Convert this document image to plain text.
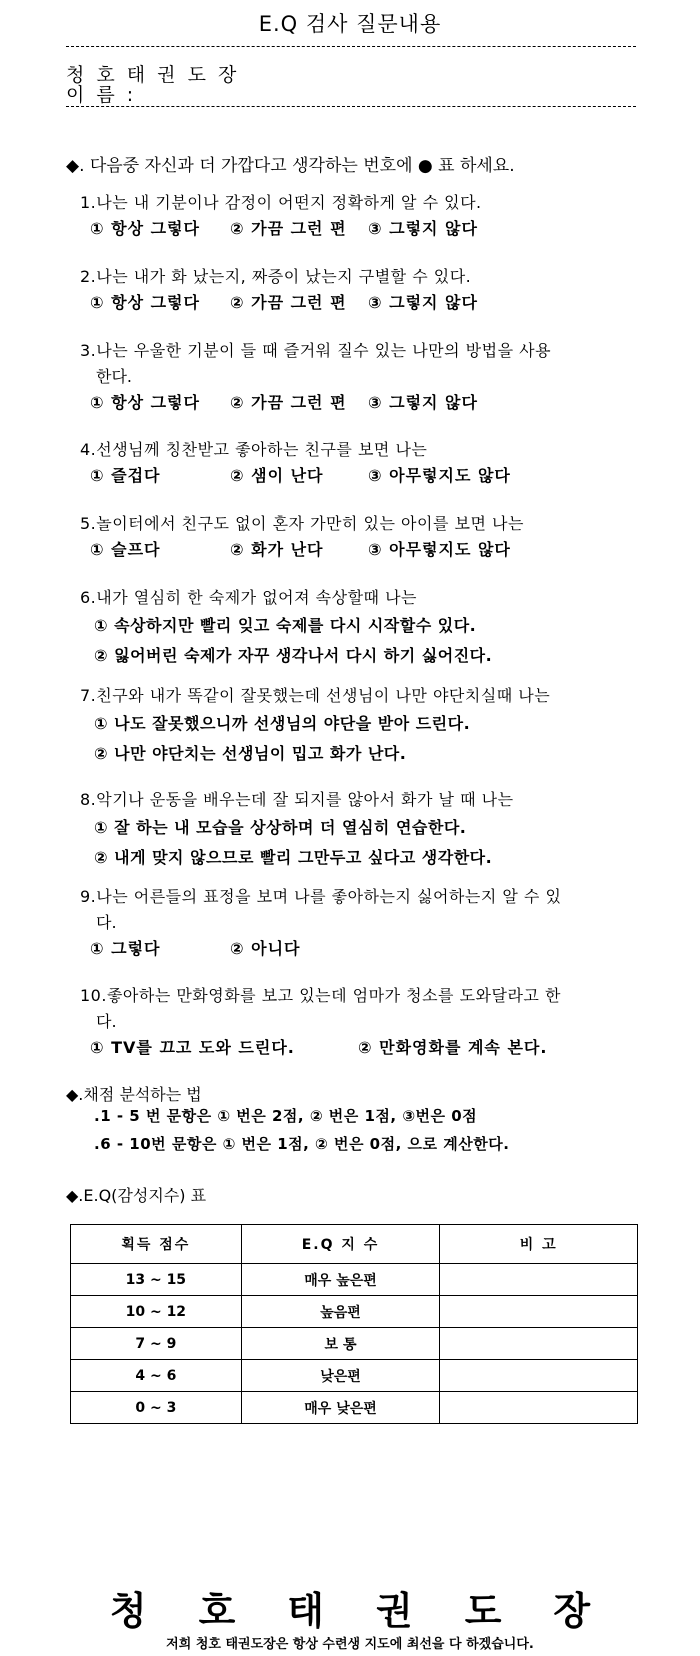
E.Q 검사 질문내용
청 호 태 권 도 장
이 름 :
◆. 다음중 자신과 더 가깝다고 생각하는 번호에 ● 표 하세요.
1.나는 내 기분이나 감정이 어떤지 정확하게 알 수 있다.
① 항상 그렇다 ② 가끔 그런 편 ③ 그렇지 않다
2.나는 내가 화 났는지, 짜증이 났는지 구별할 수 있다.
① 항상 그렇다 ② 가끔 그런 편 ③ 그렇지 않다
3.나는 우울한 기분이 들 때 즐거워 질수 있는 나만의 방법을 사용
한다.
① 항상 그렇다 ② 가끔 그런 편 ③ 그렇지 않다
4.선생님께 칭찬받고 좋아하는 친구를 보면 나는
① 즐겁다	② 샘이 난다	③ 아무렇지도 않다
5.놀이터에서 친구도 없이 혼자 가만히 있는 아이를 보면 나는
① 슬프다	② 화가 난다	③ 아무렇지도 않다
6.내가 열심히 한 숙제가 없어져 속상할때 나는
① 속상하지만 빨리 잊고 숙제를 다시 시작할수 있다.
② 잃어버린 숙제가 자꾸 생각나서 다시 하기 싫어진다.
7.친구와 내가 똑같이 잘못했는데 선생님이 나만 야단치실때 나는
① 나도 잘못했으니까 선생님의 야단을 받아 드린다.
② 나만 야단치는 선생님이 밉고 화가 난다.
8.악기나 운동을 배우는데 잘 되지를 않아서 화가 날 때 나는
① 잘 하는 내 모습을 상상하며 더 열심히 연습한다.
② 내게 맞지 않으므로 빨리 그만두고 싶다고 생각한다.
9.나는 어른들의 표정을 보며 나를 좋아하는지 싫어하는지 알 수 있
다.
① 그렇다	② 아니다
10.좋아하는 만화영화를 보고 있는데 엄마가 청소를 도와달라고 한
다.
① TV를 끄고 도와 드린다.	② 만화영화를 계속 본다.
◆.채점 분석하는 법
.1 - 5 번 문항은 ① 번은 2점, ② 번은 1점, ③번은 0점
.6 - 10번 문항은 ① 번은 1점, ② 번은 0점, 으로 계산한다.
◆.E.Q(감성지수) 표
획득 점수	E.Q 지 수	비 고
13 ~ 15	매우 높은편	
10 ~ 12	높음편	
7 ~ 9	보 통	
4 ~ 6	낮은편	
0 ~ 3	매우 낮은편	
청호태권도장
저희 청호 태권도장은 항상 수련생 지도에 최선을 다 하겠습니다.
